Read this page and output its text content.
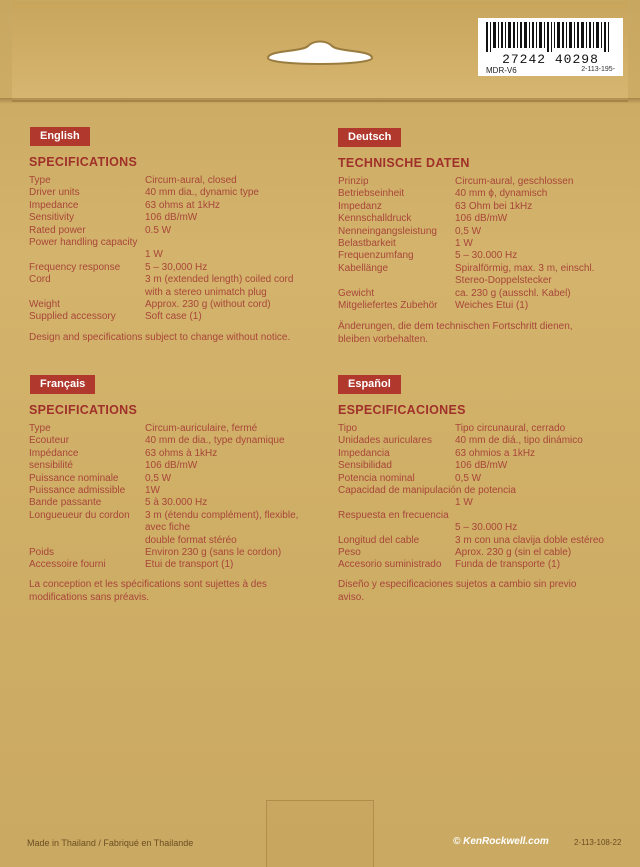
27242 40298
MDR-V6	2-113-195-
English
SPECIFICATIONS
Type	Circum-aural, closed
Driver units	40 mm dia., dynamic type
Impedance	63 ohms at 1kHz
Sensitivity	106 dB/mW
Rated power	0.5 W
Power handling capacity
1 W
Frequency response	5 – 30,000 Hz
Cord	3 m (extended length) coiled cord
with a stereo unimatch plug
Weight	Approx. 230 g (without cord)
Supplied accessory	Soft case (1)
Design and specifications subject to change without notice.
Deutsch
TECHNISCHE DATEN
Prinzip	Circum-aural, geschlossen
Betriebseinheit	40 mm ϕ, dynamisch
Impedanz	63 Ohm bei 1kHz
Kennschalldruck	106 dB/mW
Nenneingangsleistung	0,5 W
Belastbarkeit	1 W
Frequenzumfang	5 – 30.000 Hz
Kabellänge	Spiralförmig, max. 3 m, einschl.
Stereo-Doppelstecker
Gewicht	ca. 230 g (ausschl. Kabel)
Mitgeliefertes Zubehör	Weiches Etui (1)
Änderungen, die dem technischen Fortschritt dienen,
bleiben vorbehalten.
Français
SPECIFICATIONS
Type	Circum-auriculaire, fermé
Ecouteur	40 mm de dia., type dynamique
Impédance	63 ohms à 1kHz
sensibilité	106 dB/mW
Puissance nominale	0,5 W
Puissance admissible	1W
Bande passante	5 à 30.000 Hz
Longueueur du cordon	3 m (étendu complément), flexible,
avec fiche
double format stéréo
Poids	Environ 230 g (sans le cordon)
Accessoire fourni	Etui de transport (1)
La conception et les spécifications sont sujettes à des
modifications sans préavis.
Español
ESPECIFICACIONES
Tipo	Tipo circunaural, cerrado
Unidades auriculares	40 mm de diá., tipo dinámico
Impedancia	63 ohmios a 1kHz
Sensibilidad	106 dB/mW
Potencia nominal	0,5 W
Capacidad de manipulación de potencia
1 W
Respuesta en frecuencia
5 – 30.000 Hz
Longitud del cable	3 m con una clavija doble estéreo
Peso	Aprox. 230 g (sin el cable)
Accesorio suministrado	Funda de transporte (1)
Diseño y especificaciones sujetos a cambio sin previo
aviso.
Made in Thailand / Fabriqué en Thailande	© KenRockwell.com	2-113-108-22
